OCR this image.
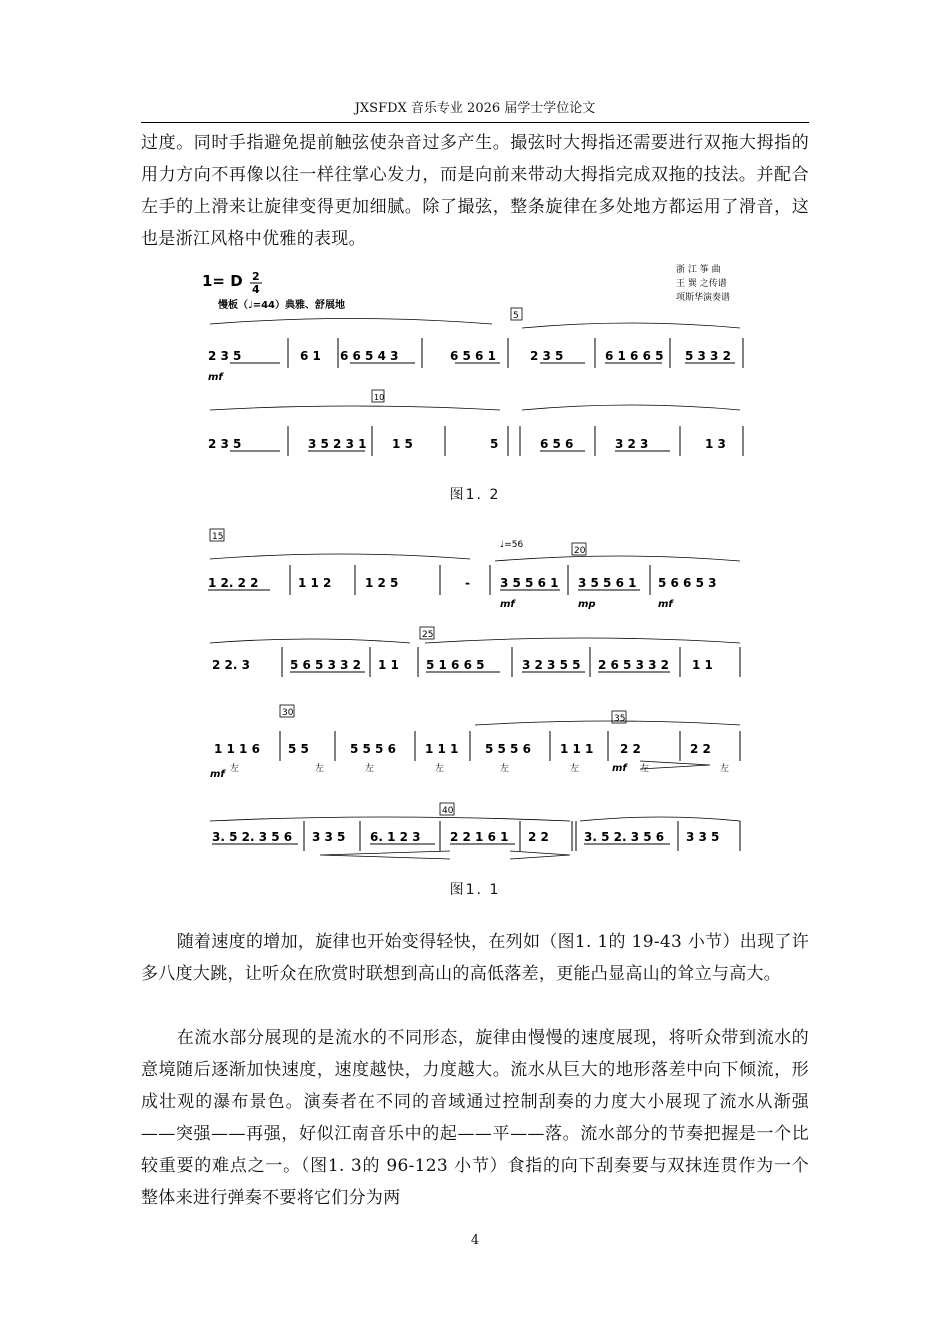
JXSFDX 音乐专业 2026 届学士学位论文

过度。同时手指避免提前触弦使杂音过多产生。撮弦时大拇指还需要进行双拖大拇指的用力方向不再像以往一样往掌心发力，而是向前来带动大拇指完成双拖的技法。并配合左手的上滑来让旋律变得更加细腻。除了撮弦，整条旋律在多处地方都运用了滑音，这也是浙江风格中优雅的表现。

1= D 2
4
慢板（♩=44）典雅、舒展地
浙 江 筝 曲
王 巽 之传谱
项斯华演奏谱
5
2 3 5	6 1 6 6 5 4 3	6 5 6 1	2 3 5	6 1 6 6 5 5 3 3 2
mf
10
2 3 5	3 5 2 3 1 1 5	5	6 5 6	3 2 3	1 3
图1. 2
15
♩=56
20
1 2. 2 2	1 1 2	1 2 5	-	3 5 5 6 1 3 5 5 6 1 5 6 6 5 3
mf	mp	mf
25
2 2. 3	5 6 5 3 3 2 1 1 5 1 6 6 5	3 2 3 5 5 2 6 5 3 3 2 1 1
30
35
1 1 1 6 5 5	5 5 5 6 1 1 1 5 5 5 6 1 1 1 2 2	2 2
mf
mf
左	左	左	左	左	左	左	左
40
3. 5 2. 3 5 6 3 3 5 6. 1 2 3 2 2 1 6 1 2 2	3. 5 2. 3 5 6 3 3 5
图1. 1

随着速度的增加，旋律也开始变得轻快，在列如（图1. 1的 19-43 小节）出现了许多八度大跳，让听众在欣赏时联想到高山的高低落差，更能凸显高山的耸立与高大。

在流水部分展现的是流水的不同形态，旋律由慢慢的速度展现，将听众带到流水的意境随后逐渐加快速度，速度越快，力度越大。流水从巨大的地形落差中向下倾流，形成壮观的瀑布景色。演奏者在不同的音域通过控制刮奏的力度大小展现了流水从渐强——突强——再强，好似江南音乐中的起——平——落。流水部分的节奏把握是一个比较重要的难点之一。（图1. 3的 96-123 小节）食指的向下刮奏要与双抹连贯作为一个整体来进行弹奏不要将它们分为两

4
